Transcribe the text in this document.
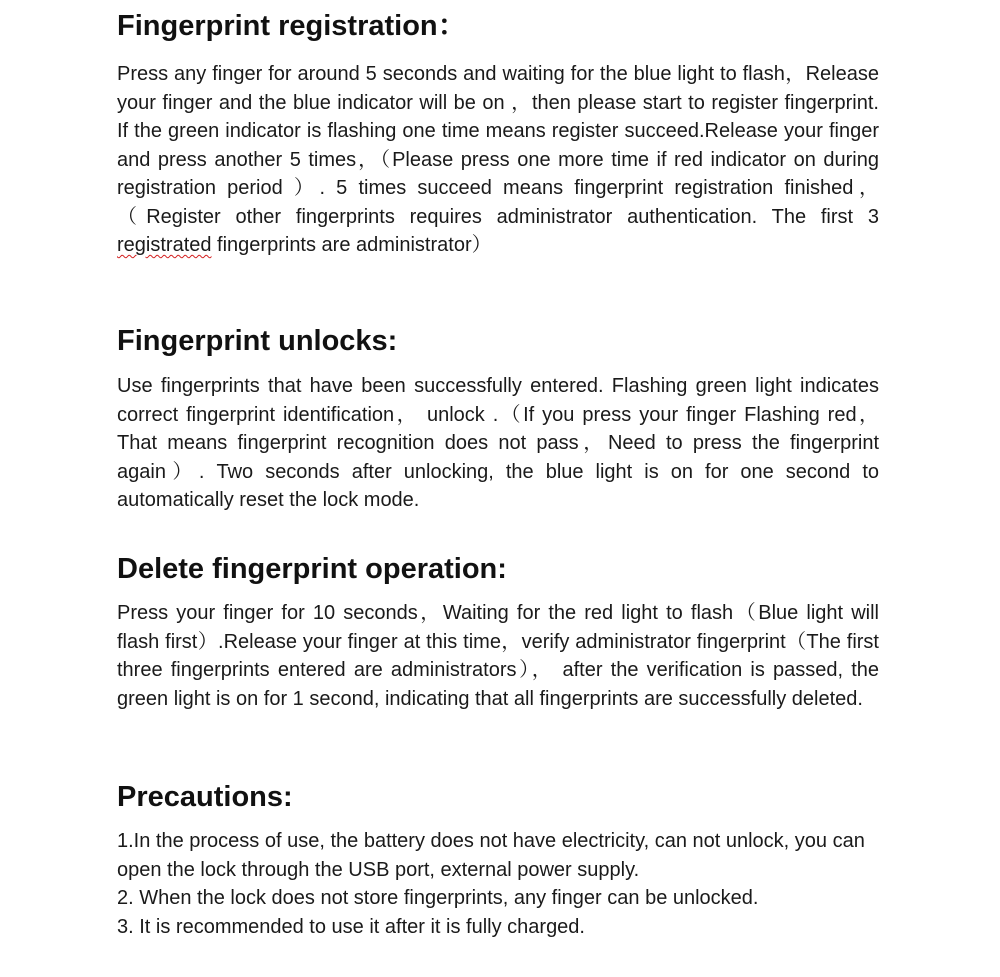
Fingerprint registration：

Press any finger for around 5 seconds and waiting for the blue light to flash，Release your finger and the blue indicator will be on ，then please start to register fingerprint. If the green indicator is flashing one time means register succeed.Release your finger and press another 5 times，（Please press one more time if red indicator on during registration period ）. 5 times succeed means fingerprint registration finished，（Register other fingerprints requires administrator authentication. The first 3 registrated fingerprints are administrator）

Fingerprint unlocks:

Use fingerprints that have been successfully entered. Flashing green light indicates correct fingerprint identification， unlock .（If you press your finger Flashing red，That means fingerprint recognition does not pass，Need to press the fingerprint again）. Two seconds after unlocking, the blue light is on for one second to automatically reset the lock mode.

Delete fingerprint operation:

Press your finger for 10 seconds，Waiting for the red light to flash（Blue light will flash first）.Release your finger at this time，verify administrator fingerprint（The first three fingerprints entered are administrators）， after the verification is passed, the green light is on for 1 second, indicating that all fingerprints are successfully deleted.

Precautions:
1.In the process of use, the battery does not have electricity, can not unlock, you can open the lock through the USB port, external power supply.
2. When the lock does not store fingerprints, any finger can be unlocked.
3. It is recommended to use it after it is fully charged.
